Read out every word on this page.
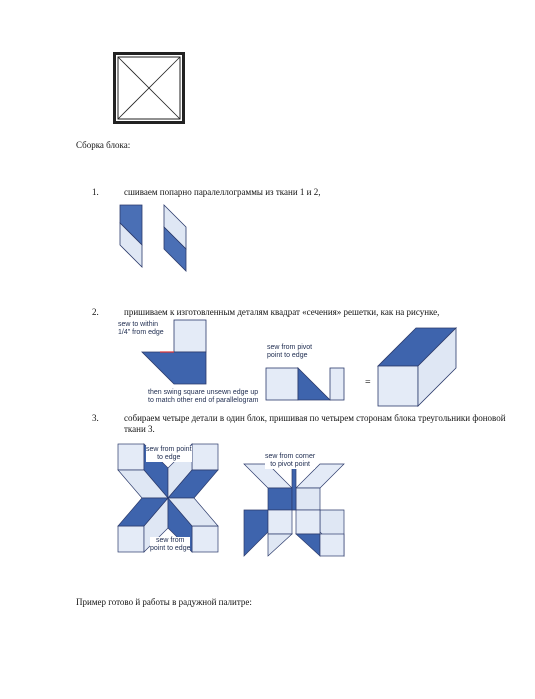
Сборка блока:
1.	сшиваем попарно паралеллограммы из ткани 1 и 2,
2.	пришиваем к изготовленным деталям квадрат «сечения» решетки, как на рисунке,
sew to within
1/4" from edge
then swing square unsewn edge up
to match other end of parallelogram
sew from pivot
point to edge
=
3.	собираем четыре детали в один блок, пришивая по четырем сторонам блока треугольники фоновой
ткани 3.
sew from point
to edge
sew from
point to edge
sew from corner
to pivot point
Пример готово й работы в радужной палитре:
